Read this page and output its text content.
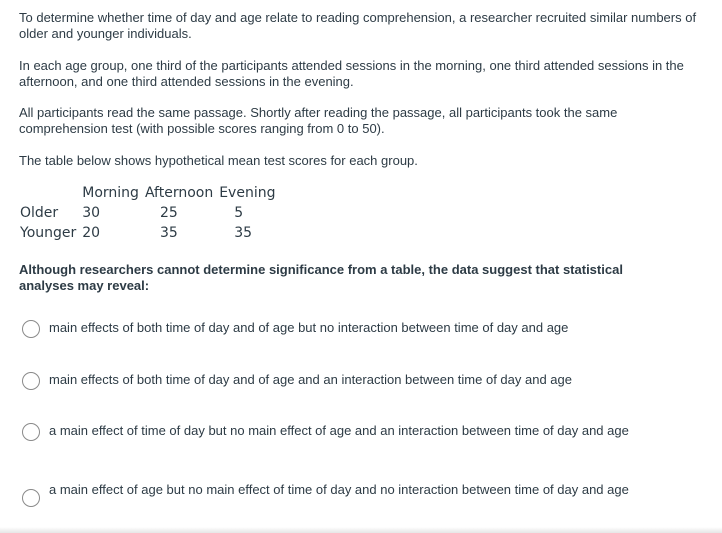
To determine whether time of day and age relate to reading comprehension, a researcher recruited similar numbers of older and younger individuals.

In each age group, one third of the participants attended sessions in the morning, one third attended sessions in the afternoon, and one third attended sessions in the evening.

All participants read the same passage. Shortly after reading the passage, all participants took the same comprehension test (with possible scores ranging from 0 to 50).

The table below shows hypothetical mean test scores for each group.

	Morning	Afternoon	Evening
Older	30	25	5
Younger	20	35	35
Although researchers cannot determine significance from a table, the data suggest that statistical analyses may reveal:
main effects of both time of day and of age but no interaction between time of day and age
main effects of both time of day and of age and an interaction between time of day and age
a main effect of time of day but no main effect of age and an interaction between time of day and age
a main effect of age but no main effect of time of day and no interaction between time of day and age
